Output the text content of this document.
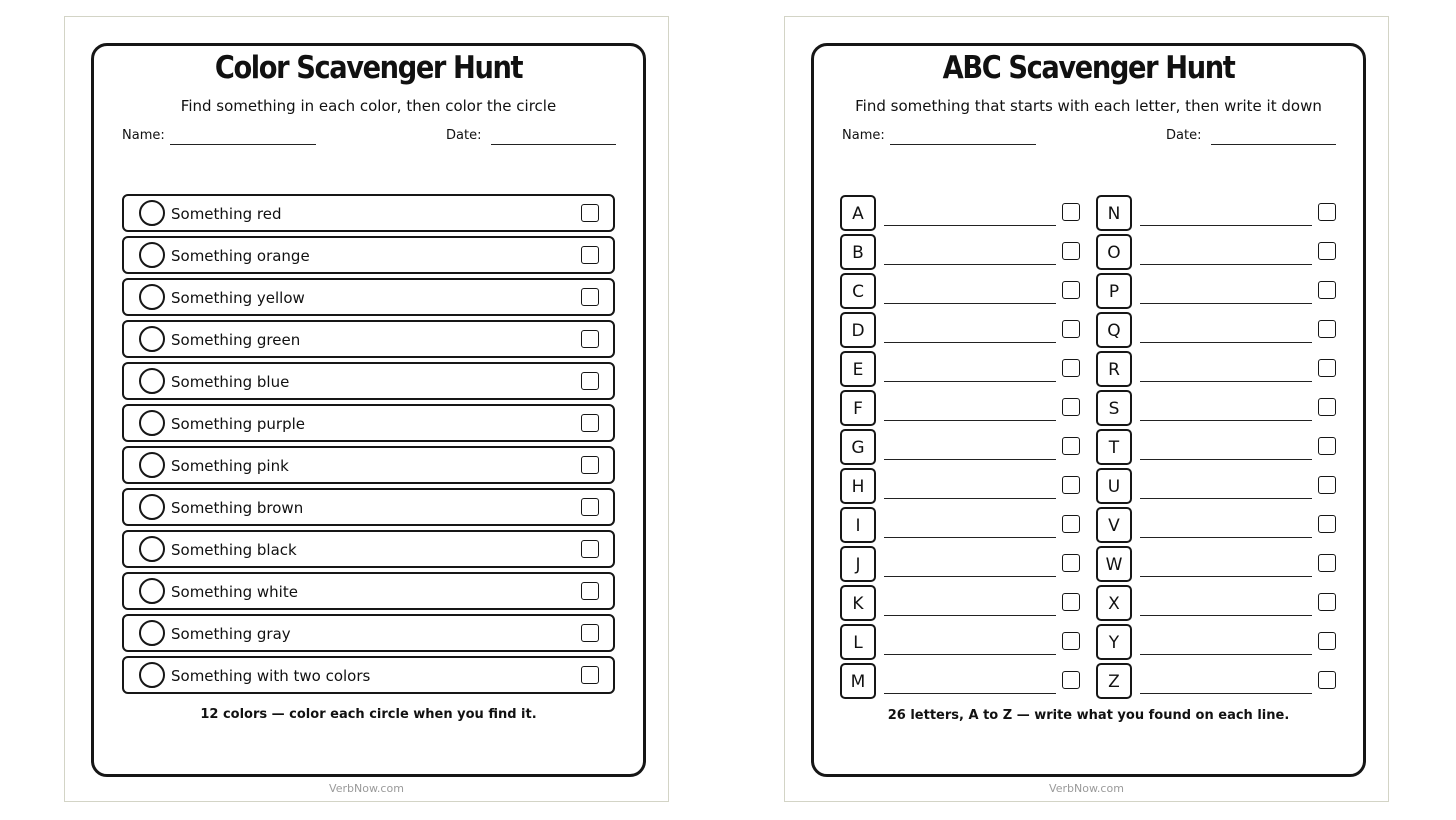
Color Scavenger Hunt
Find something in each color, then color the circle
Name:	Date:
Something red
Something orange
Something yellow
Something green
Something blue
Something purple
Something pink
Something brown
Something black
Something white
Something gray
Something with two colors
12 colors — color each circle when you find it.
VerbNow.com
ABC Scavenger Hunt
Find something that starts with each letter, then write it down
Name:	Date:
A
B
C
D
E
F
G
H
I
J
K
L
M
N
O
P
Q
R
S
T
U
V
W
X
Y
Z
26 letters, A to Z — write what you found on each line.
VerbNow.com
